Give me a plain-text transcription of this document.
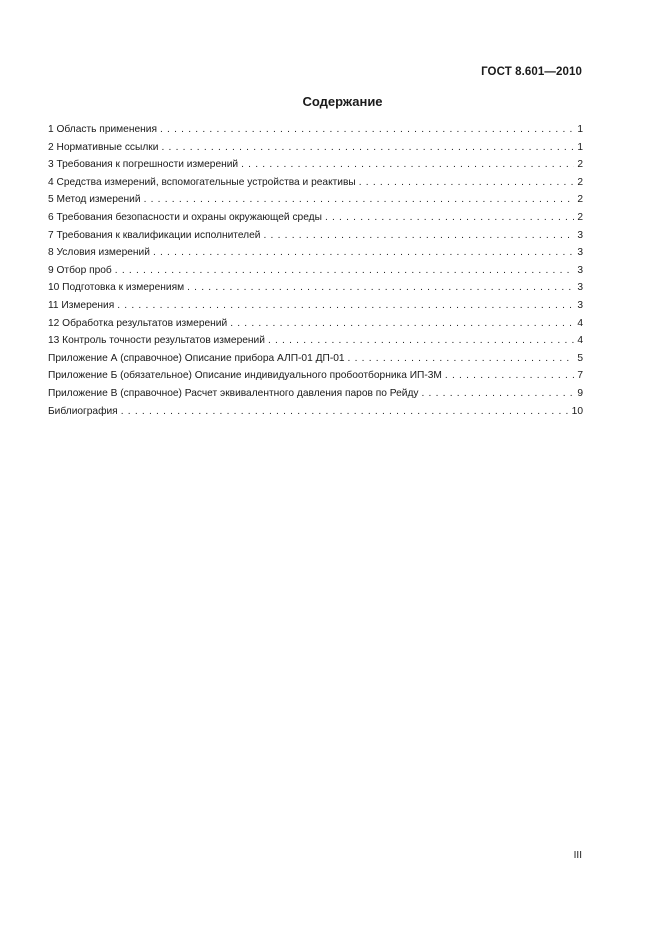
ГОСТ 8.601—2010
Содержание
1 Область применения . . .	1
2 Нормативные ссылки . . .	1
3 Требования к погрешности измерений . . .	2
4 Средства измерений, вспомогательные устройства и реактивы . . .	2
5 Метод измерений . . .	2
6 Требования безопасности и охраны окружающей среды . . .	2
7 Требования к квалификации исполнителей . . .	3
8 Условия измерений . . .	3
9 Отбор проб . . .	3
10 Подготовка к измерениям . . .	3
11 Измерения . . .	3
12 Обработка результатов измерений . . .	4
13 Контроль точности результатов измерений . . .	4
Приложение А (справочное) Описание прибора АЛП-01 ДП-01 . . .	5
Приложение Б (обязательное) Описание индивидуального пробоотборника ИП-3М . . .	7
Приложение В (справочное) Расчет эквивалентного давления паров по Рейду . . .	9
Библиография . . .	10
III
